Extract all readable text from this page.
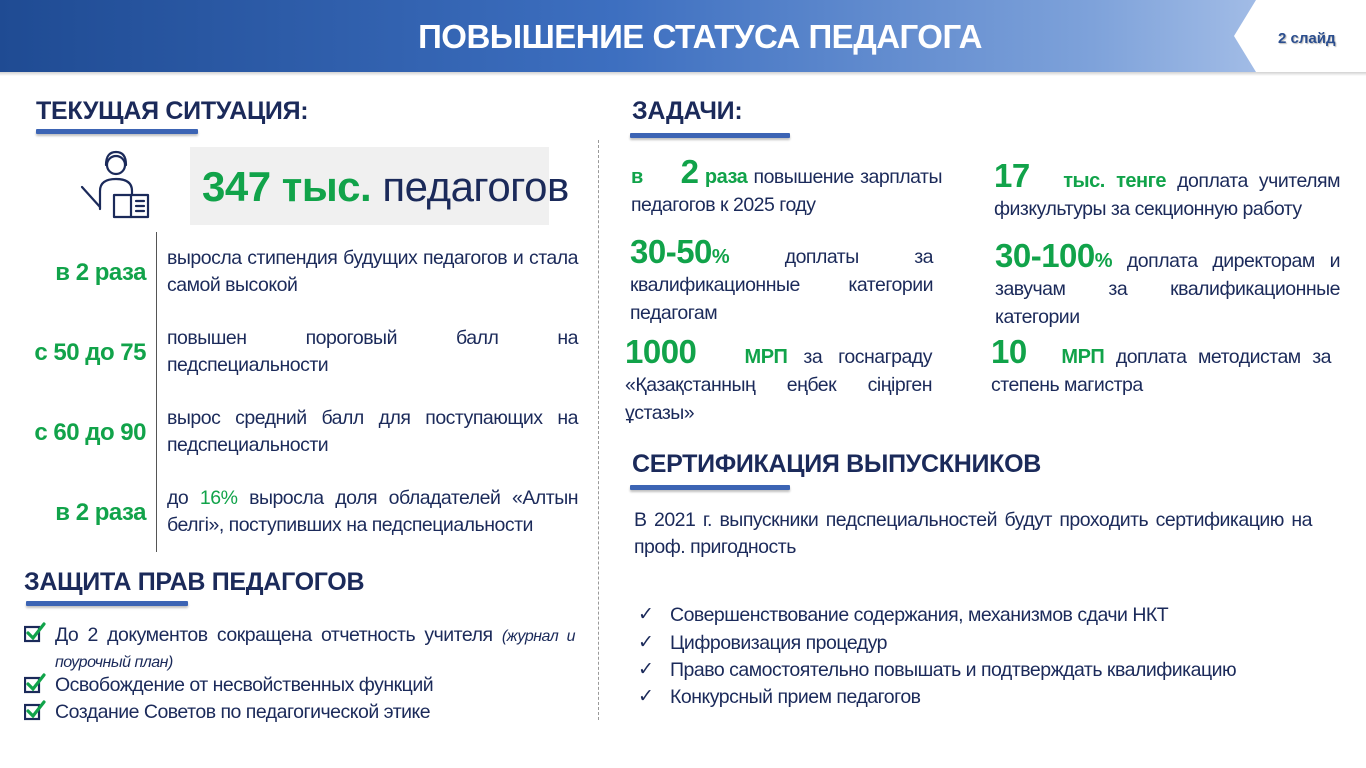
ПОВЫШЕНИЕ СТАТУСА ПЕДАГОГА	2 слайд
ТЕКУЩАЯ СИТУАЦИЯ:
347 тыс. педагогов
в 2 раза
выросла стипендия будущих педагогов и стала самой высокой
с 50 до 75
повышен пороговый балл на педспециальности
с 60 до 90
вырос средний балл для поступающих на педспециальности
в 2 раза
до 16% выросла доля обладателей «Алтын белгі», поступивших на педспециальности
ЗАЩИТА ПРАВ ПЕДАГОГОВ
До 2 документов сокращена отчетность учителя (журнал и поурочный план)
Освобождение от несвойственных функций
Создание Советов по педагогической этике
ЗАДАЧИ:
в      2 раза повышение зарплаты педагогов к 2025 году
17   тыс. тенге доплата учителям физкультуры за секционную работу
30-50% доплаты за квалификационные категории педагогам
30-100% доплата директорам и завучам за квалификационные категории
1000   МРП за госнаграду «Қазақстанның еңбек сіңірген ұстазы»
10   МРП доплата методистам за степень магистра
СЕРТИФИКАЦИЯ ВЫПУСКНИКОВ
В 2021 г. выпускники педспециальностей будут проходить сертификацию на проф. пригодность
✓ Совершенствование содержания, механизмов сдачи НКТ
✓ Цифровизация процедур
✓ Право самостоятельно повышать и подтверждать квалификацию
✓ Конкурсный прием педагогов
